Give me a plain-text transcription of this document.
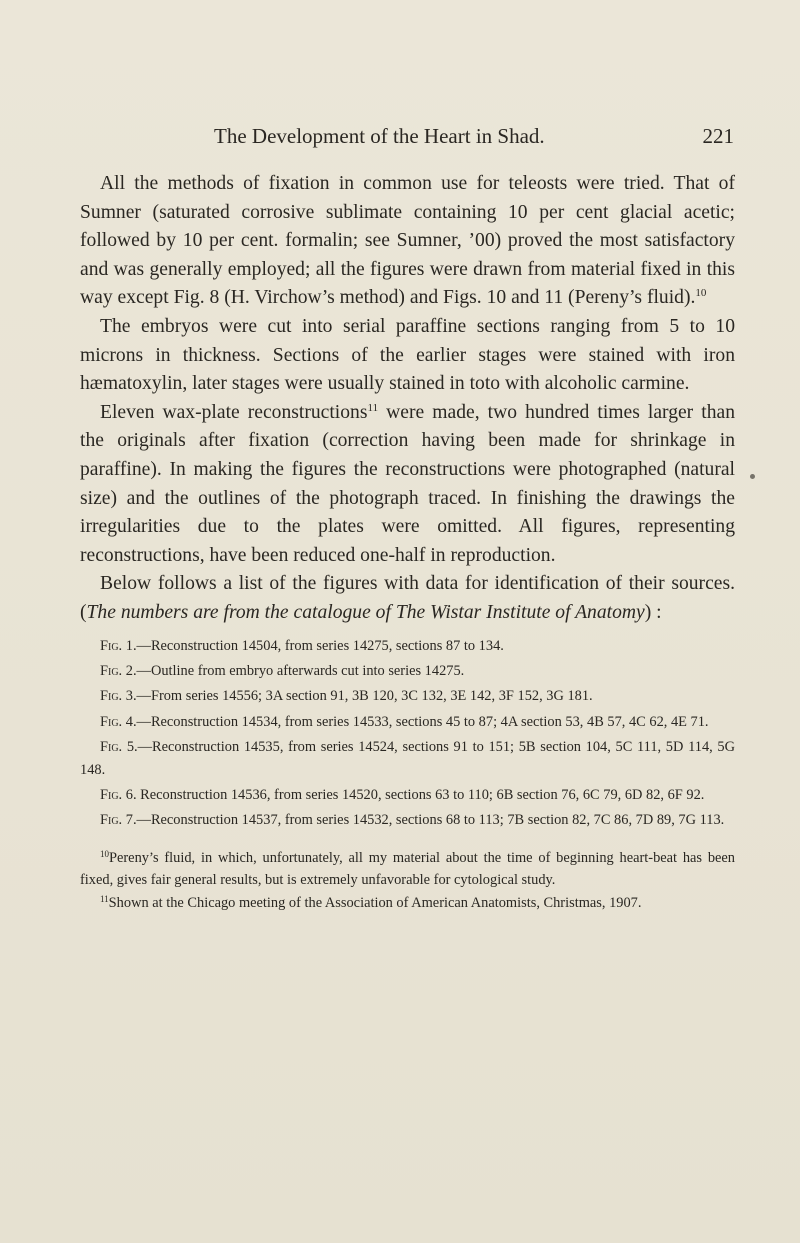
The Development of the Heart in Shad.	221

All the methods of fixation in common use for teleosts were tried. That of Sumner (saturated corrosive sublimate containing 10 per cent glacial acetic; followed by 10 per cent. formalin; see Sumner, ’00) proved the most satisfactory and was generally employed; all the figures were drawn from material fixed in this way except Fig. 8 (H. Virchow’s method) and Figs. 10 and 11 (Pereny’s fluid).$^{10}$

The embryos were cut into serial paraffine sections ranging from 5 to 10 microns in thickness. Sections of the earlier stages were stained with iron hæmatoxylin, later stages were usually stained in toto with alcoholic carmine.

Eleven wax-plate reconstructions$^{11}$ were made, two hundred times larger than the originals after fixation (correction having been made for shrinkage in paraffine). In making the figures the reconstructions were photographed (natural size) and the outlines of the photograph traced. In finishing the drawings the irregularities due to the plates were omitted. All figures, representing reconstructions, have been reduced one-half in reproduction.

Below follows a list of the figures with data for identification of their sources. (The numbers are from the catalogue of The Wistar Institute of Anatomy) :

Fig. 1.—Reconstruction 14504, from series 14275, sections 87 to 134.

Fig. 2.—Outline from embryo afterwards cut into series 14275.

Fig. 3.—From series 14556; 3A section 91, 3B 120, 3C 132, 3E 142, 3F 152, 3G 181.

Fig. 4.—Reconstruction 14534, from series 14533, sections 45 to 87; 4A section 53, 4B 57, 4C 62, 4E 71.

Fig. 5.—Reconstruction 14535, from series 14524, sections 91 to 151; 5B section 104, 5C 111, 5D 114, 5G 148.

Fig. 6. Reconstruction 14536, from series 14520, sections 63 to 110; 6B section 76, 6C 79, 6D 82, 6F 92.

Fig. 7.—Reconstruction 14537, from series 14532, sections 68 to 113; 7B section 82, 7C 86, 7D 89, 7G 113.

$^{10}$Pereny’s fluid, in which, unfortunately, all my material about the time of beginning heart-beat has been fixed, gives fair general results, but is extremely unfavorable for cytological study.

$^{11}$Shown at the Chicago meeting of the Association of American Anatomists, Christmas, 1907.
